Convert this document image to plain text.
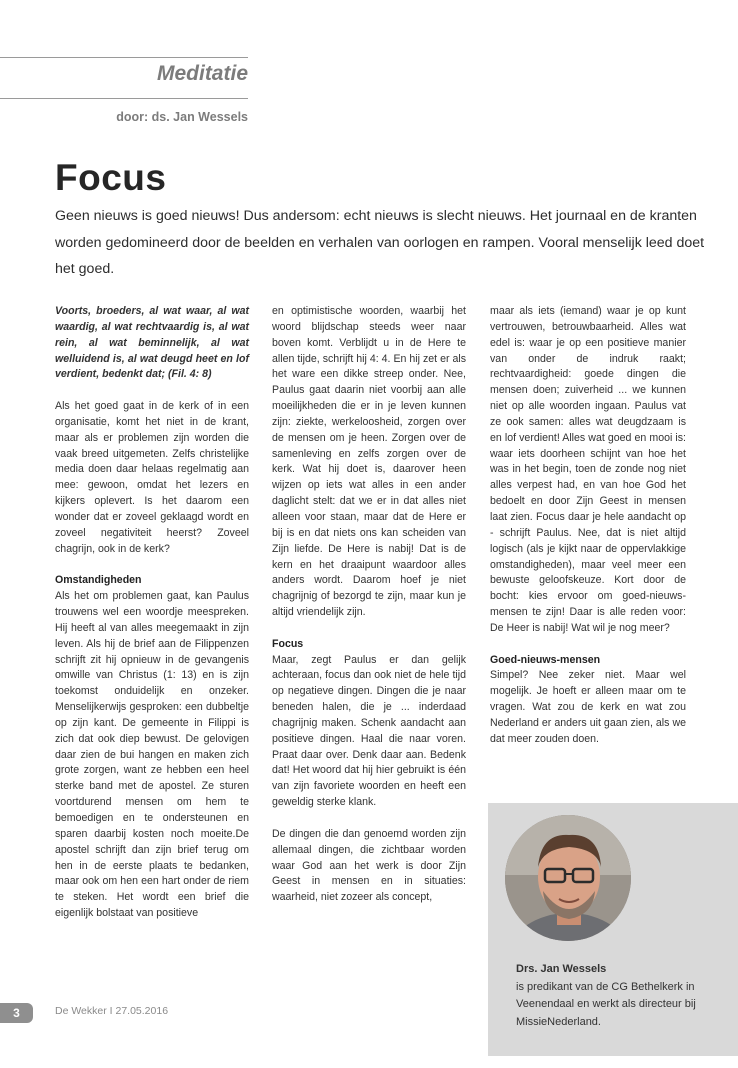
Meditatie
door: ds. Jan Wessels
Focus
Geen nieuws is goed nieuws! Dus andersom: echt nieuws is slecht nieuws. Het journaal en de kranten worden gedomineerd door de beelden en verhalen van oorlogen en rampen. Vooral menselijk leed doet het goed.

Voorts, broeders, al wat waar, al wat waardig, al wat rechtvaardig is, al wat rein, al wat beminnelijk, al wat welluidend is, al wat deugd heet en lof verdient, bedenkt dat; (Fil. 4: 8)

Als het goed gaat in de kerk of in een organisatie, komt het niet in de krant, maar als er problemen zijn worden die vaak breed uitgemeten. Zelfs christelijke media doen daar helaas regelmatig aan mee: gewoon, omdat het lezers en kijkers oplevert. Is het daarom een wonder dat er zoveel geklaagd wordt en zoveel negativiteit heerst? Zoveel chagrijn, ook in de kerk?

Omstandigheden

Als het om problemen gaat, kan Paulus trouwens wel een woordje meespreken. Hij heeft al van alles meegemaakt in zijn leven. Als hij de brief aan de Filippenzen schrijft zit hij opnieuw in de gevangenis omwille van Christus (1: 13) en is zijn toekomst onduidelijk en onzeker. Menselijkerwijs gesproken: een dubbeltje op zijn kant. De gemeente in Filippi is zich dat ook diep bewust. De gelovigen daar zien de bui hangen en maken zich grote zorgen, want ze hebben een heel sterke band met de apostel. Ze sturen voortdurend mensen om hem te bemoedigen en te ondersteunen en sparen daarbij kosten noch moeite.De apostel schrijft dan zijn brief terug om hen in de eerste plaats te bedanken, maar ook om hen een hart onder de riem te steken. Het wordt een brief die eigenlijk bolstaat van positieve

en optimistische woorden, waarbij het woord blijdschap steeds weer naar boven komt. Verblijdt u in de Here te allen tijde, schrijft hij 4: 4. En hij zet er als het ware een dikke streep onder. Nee, Paulus gaat daarin niet voorbij aan alle moeilijkheden die er in je leven kunnen zijn: ziekte, werkeloosheid, zorgen over de mensen om je heen. Zorgen over de samenleving en zelfs zorgen over de kerk. Wat hij doet is, daarover heen wijzen op iets wat alles in een ander daglicht stelt: dat we er in dat alles niet alleen voor staan, maar dat de Here er bij is en dat niets ons kan scheiden van Zijn liefde. De Here is nabij! Dat is de kern en het draaipunt waardoor alles anders wordt. Daarom hoef je niet chagrijnig of bezorgd te zijn, maar kun je altijd vriendelijk zijn.

Focus

Maar, zegt Paulus er dan gelijk achteraan, focus dan ook niet de hele tijd op negatieve dingen. Dingen die je naar beneden halen, die je ... inderdaad chagrijnig maken. Schenk aandacht aan positieve dingen. Haal die naar voren. Praat daar over. Denk daar aan. Bedenk dat! Het woord dat hij hier gebruikt is één van zijn favoriete woorden en heeft een geweldig sterke klank.

De dingen die dan genoemd worden zijn allemaal dingen, die zichtbaar worden waar God aan het werk is door Zijn Geest in mensen en in situaties: waarheid, niet zozeer als concept,

maar als iets (iemand) waar je op kunt vertrouwen, betrouwbaarheid. Alles wat edel is: waar je op een positieve manier van onder de indruk raakt; rechtvaardigheid: goede dingen die mensen doen; zuiverheid ... we kunnen niet op alle woorden ingaan. Paulus vat ze ook samen: alles wat deugdzaam is en lof verdient! Alles wat goed en mooi is: waar iets doorheen schijnt van hoe het was in het begin, toen de zonde nog niet alles verpest had, en van hoe God het bedoelt en door Zijn Geest in mensen laat zien. Focus daar je hele aandacht op - schrijft Paulus. Nee, dat is niet altijd logisch (als je kijkt naar de oppervlakkige omstandigheden), maar veel meer een bewuste geloofskeuze. Kort door de bocht: kies ervoor om goed-nieuws-mensen te zijn! Daar is alle reden voor: De Heer is nabij! Wat wil je nog meer?

Goed-nieuws-mensen

Simpel? Nee zeker niet. Maar wel mogelijk. Je hoeft er alleen maar om te vragen. Wat zou de kerk en wat zou Nederland er anders uit gaan zien, als we dat meer zouden doen.

Drs. Jan Wessels
is predikant van de CG Bethelkerk in Veenendaal en werkt als directeur bij MissieNederland.
3	De Wekker I 27.05.2016
